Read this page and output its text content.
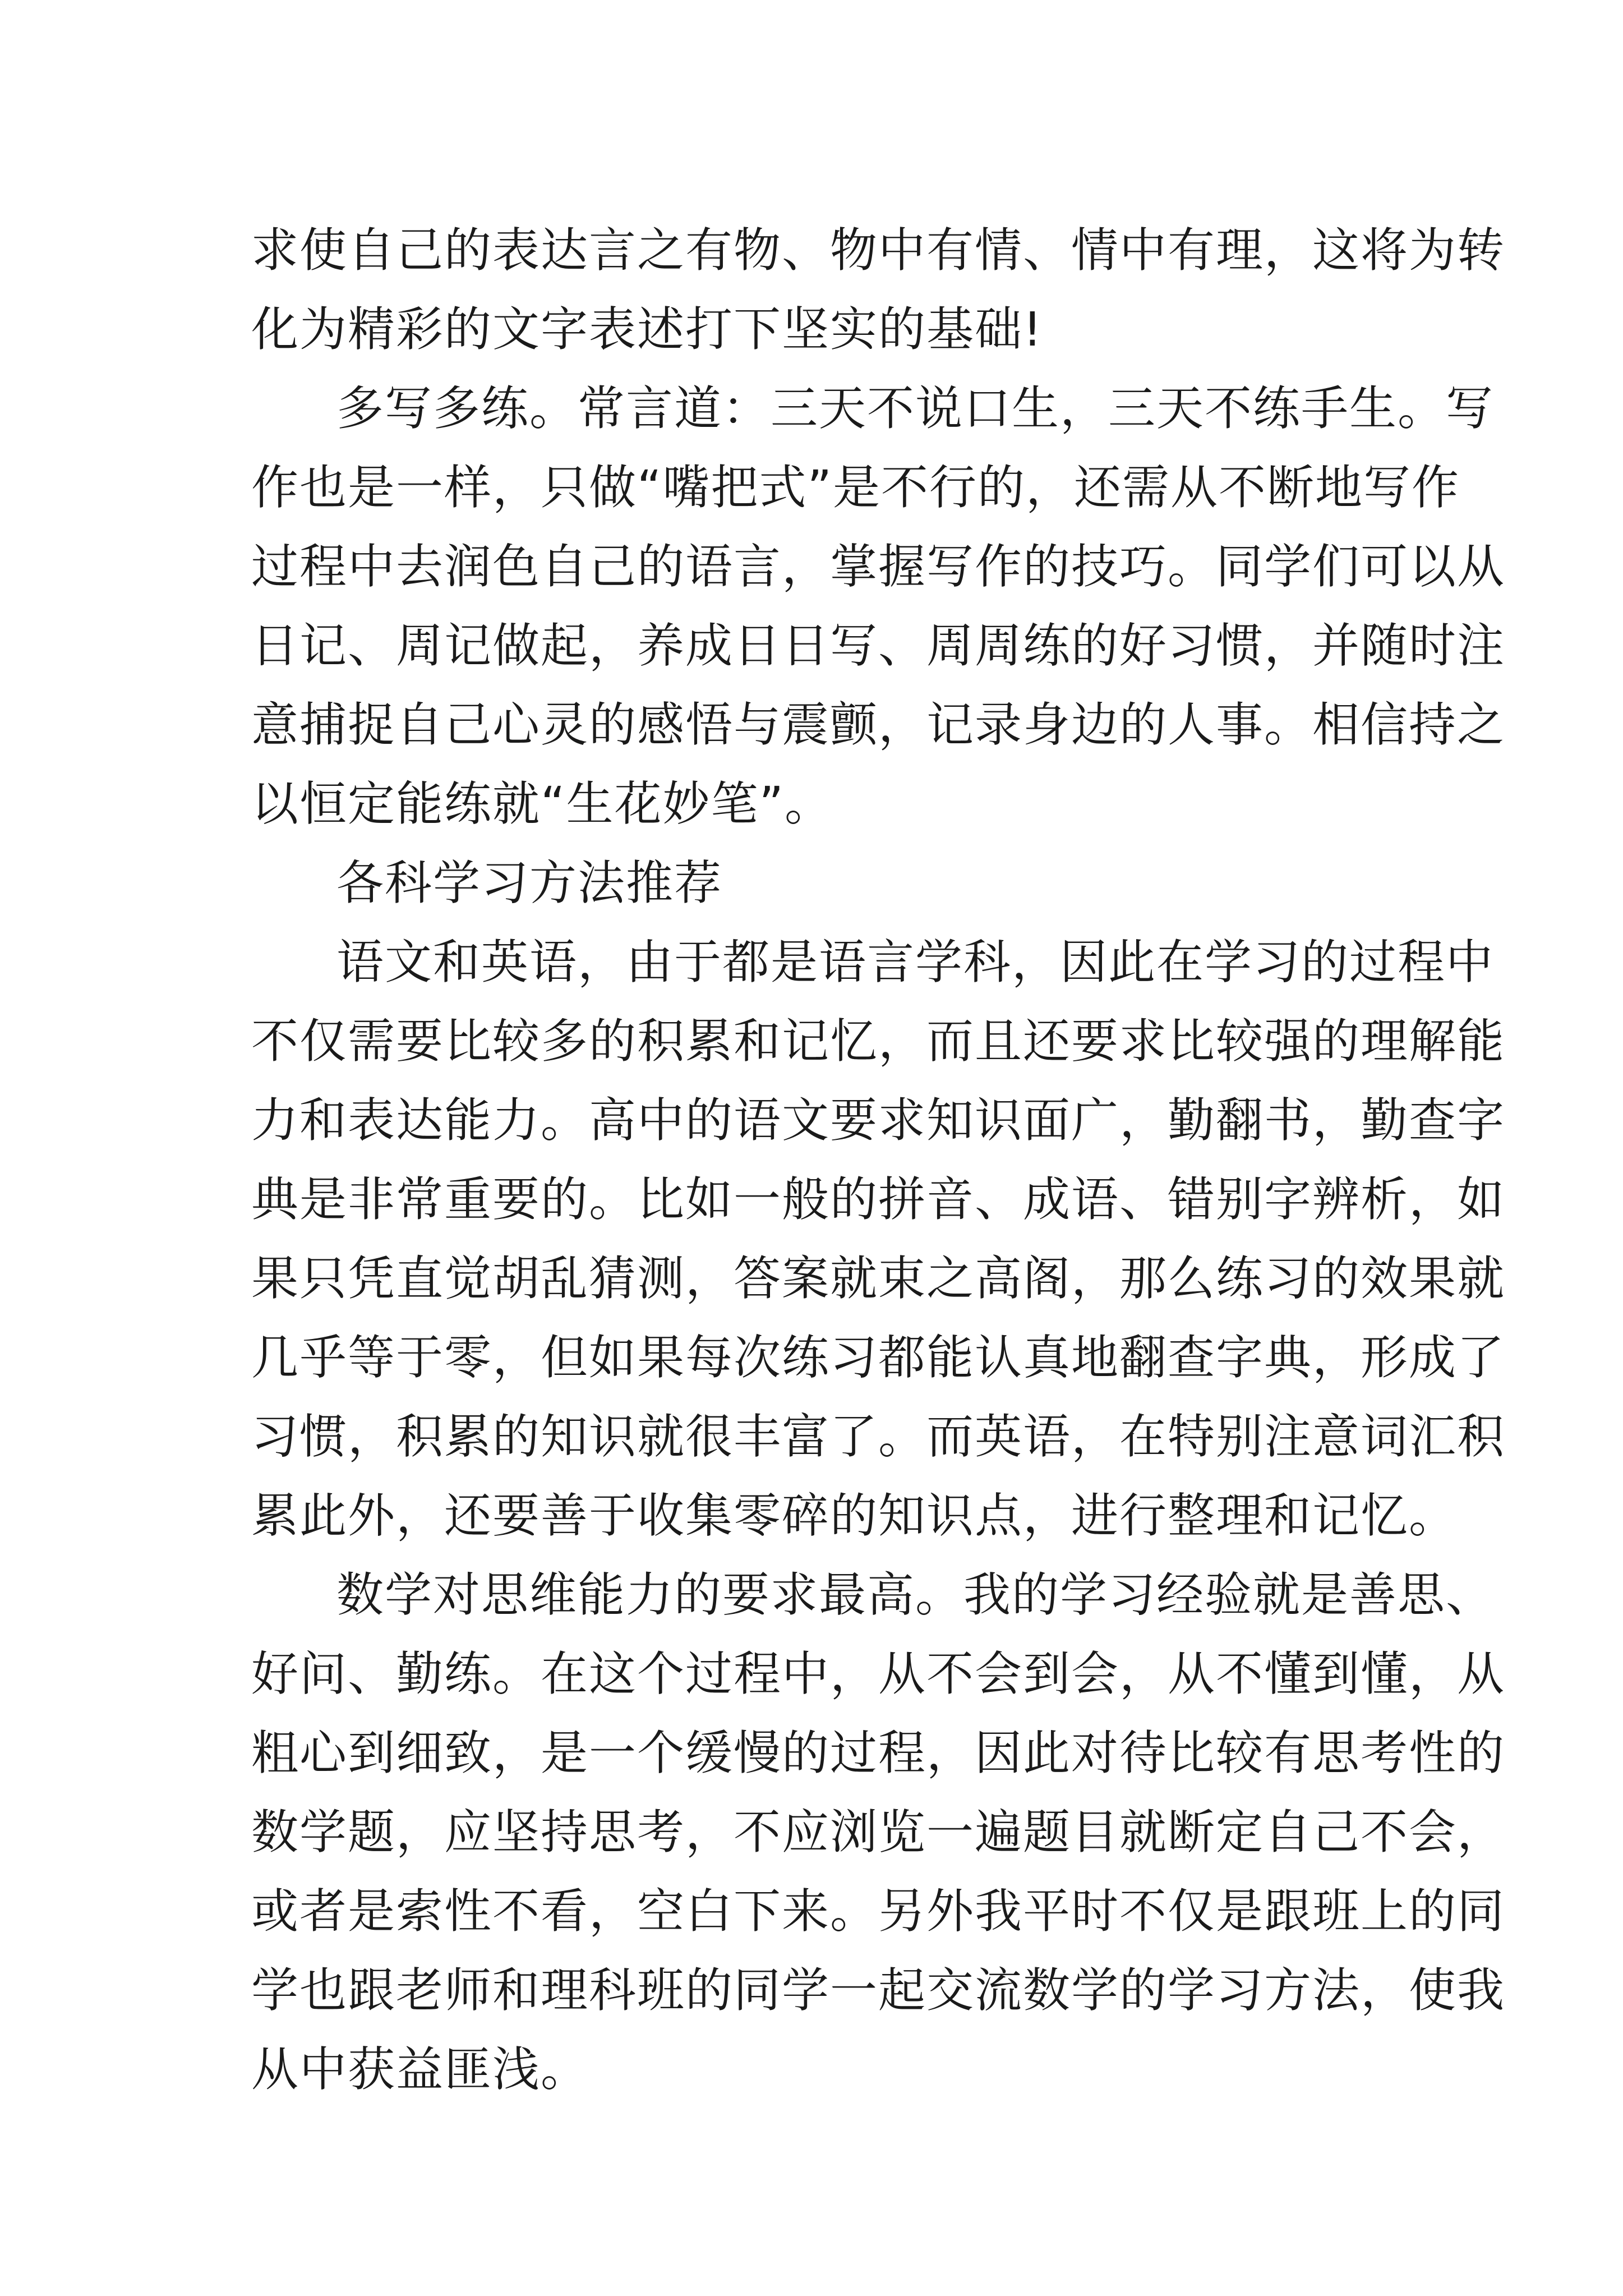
求使自己的表达言之有物、物中有情、情中有理，这将为转
化为精彩的文字表述打下坚实的基础!
多写多练。常言道：三天不说口生，三天不练手生。写
作也是一样，只做“嘴把式”是不行的，还需从不断地写作
过程中去润色自己的语言，掌握写作的技巧。同学们可以从
日记、周记做起，养成日日写、周周练的好习惯，并随时注
意捕捉自己心灵的感悟与震颤，记录身边的人事。相信持之
以恒定能练就“生花妙笔”。
各科学习方法推荐
语文和英语，由于都是语言学科，因此在学习的过程中
不仅需要比较多的积累和记忆，而且还要求比较强的理解能
力和表达能力。高中的语文要求知识面广，勤翻书，勤查字
典是非常重要的。比如一般的拼音、成语、错别字辨析，如
果只凭直觉胡乱猜测，答案就束之高阁，那么练习的效果就
几乎等于零，但如果每次练习都能认真地翻查字典，形成了
习惯，积累的知识就很丰富了。而英语，在特别注意词汇积
累此外，还要善于收集零碎的知识点，进行整理和记忆。
数学对思维能力的要求最高。我的学习经验就是善思、
好问、勤练。在这个过程中，从不会到会，从不懂到懂，从
粗心到细致，是一个缓慢的过程，因此对待比较有思考性的
数学题，应坚持思考，不应浏览一遍题目就断定自己不会，
或者是索性不看，空白下来。另外我平时不仅是跟班上的同
学也跟老师和理科班的同学一起交流数学的学习方法，使我
从中获益匪浅。
